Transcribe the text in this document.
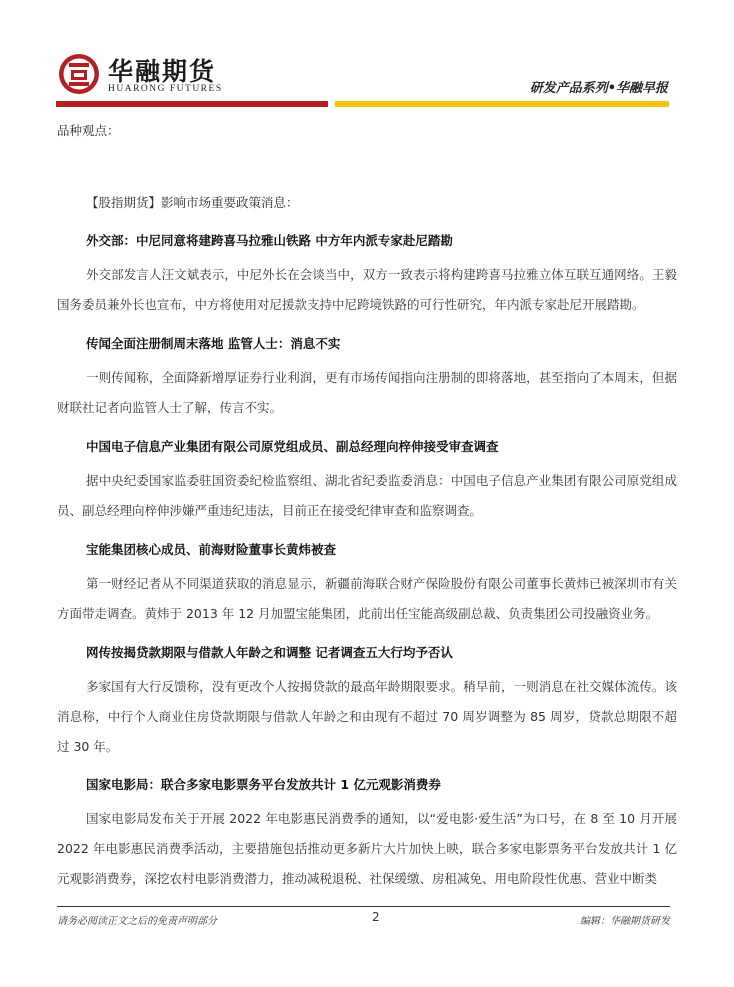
华融期货
HUARONG FUTURES	研发产品系列•华融早报
品种观点：
【股指期货】影响市场重要政策消息：
外交部：中尼同意将建跨喜马拉雅山铁路 中方年内派专家赴尼踏勘

外交部发言人汪文斌表示，中尼外长在会谈当中，双方一致表示将构建跨喜马拉雅立体互联互通网络。王毅国务委员兼外长也宣布，中方将使用对尼援款支持中尼跨境铁路的可行性研究，年内派专家赴尼开展踏勘。

传闻全面注册制周末落地 监管人士：消息不实

一则传闻称，全面降新增厚证券行业利润，更有市场传闻指向注册制的即将落地，甚至指向了本周末，但据财联社记者向监管人士了解，传言不实。

中国电子信息产业集团有限公司原党组成员、副总经理向梓伸接受审查调查

据中央纪委国家监委驻国资委纪检监察组、湖北省纪委监委消息：中国电子信息产业集团有限公司原党组成员、副总经理向梓伸涉嫌严重违纪违法，目前正在接受纪律审查和监察调查。

宝能集团核心成员、前海财险董事长黄炜被查

第一财经记者从不同渠道获取的消息显示，新疆前海联合财产保险股份有限公司董事长黄炜已被深圳市有关方面带走调查。黄炜于 2013 年 12 月加盟宝能集团，此前出任宝能高级副总裁、负责集团公司投融资业务。

网传按揭贷款期限与借款人年龄之和调整 记者调查五大行均予否认

多家国有大行反馈称，没有更改个人按揭贷款的最高年龄期限要求。稍早前，一则消息在社交媒体流传。该消息称，中行个人商业住房贷款期限与借款人年龄之和由现有不超过 70 周岁调整为 85 周岁，贷款总期限不超过 30 年。

国家电影局：联合多家电影票务平台发放共计 1 亿元观影消费券

国家电影局发布关于开展 2022 年电影惠民消费季的通知，以“爱电影·爱生活”为口号，在 8 至 10 月开展 2022 年电影惠民消费季活动，主要措施包括推动更多新片大片加快上映，联合多家电影票务平台发放共计 1 亿元观影消费券，深挖农村电影消费潜力，推动减税退税、社保缓缴、房租减免、用电阶段性优惠、营业中断类

请务必阅读正文之后的免责声明部分	2	编辑：华融期货研发
